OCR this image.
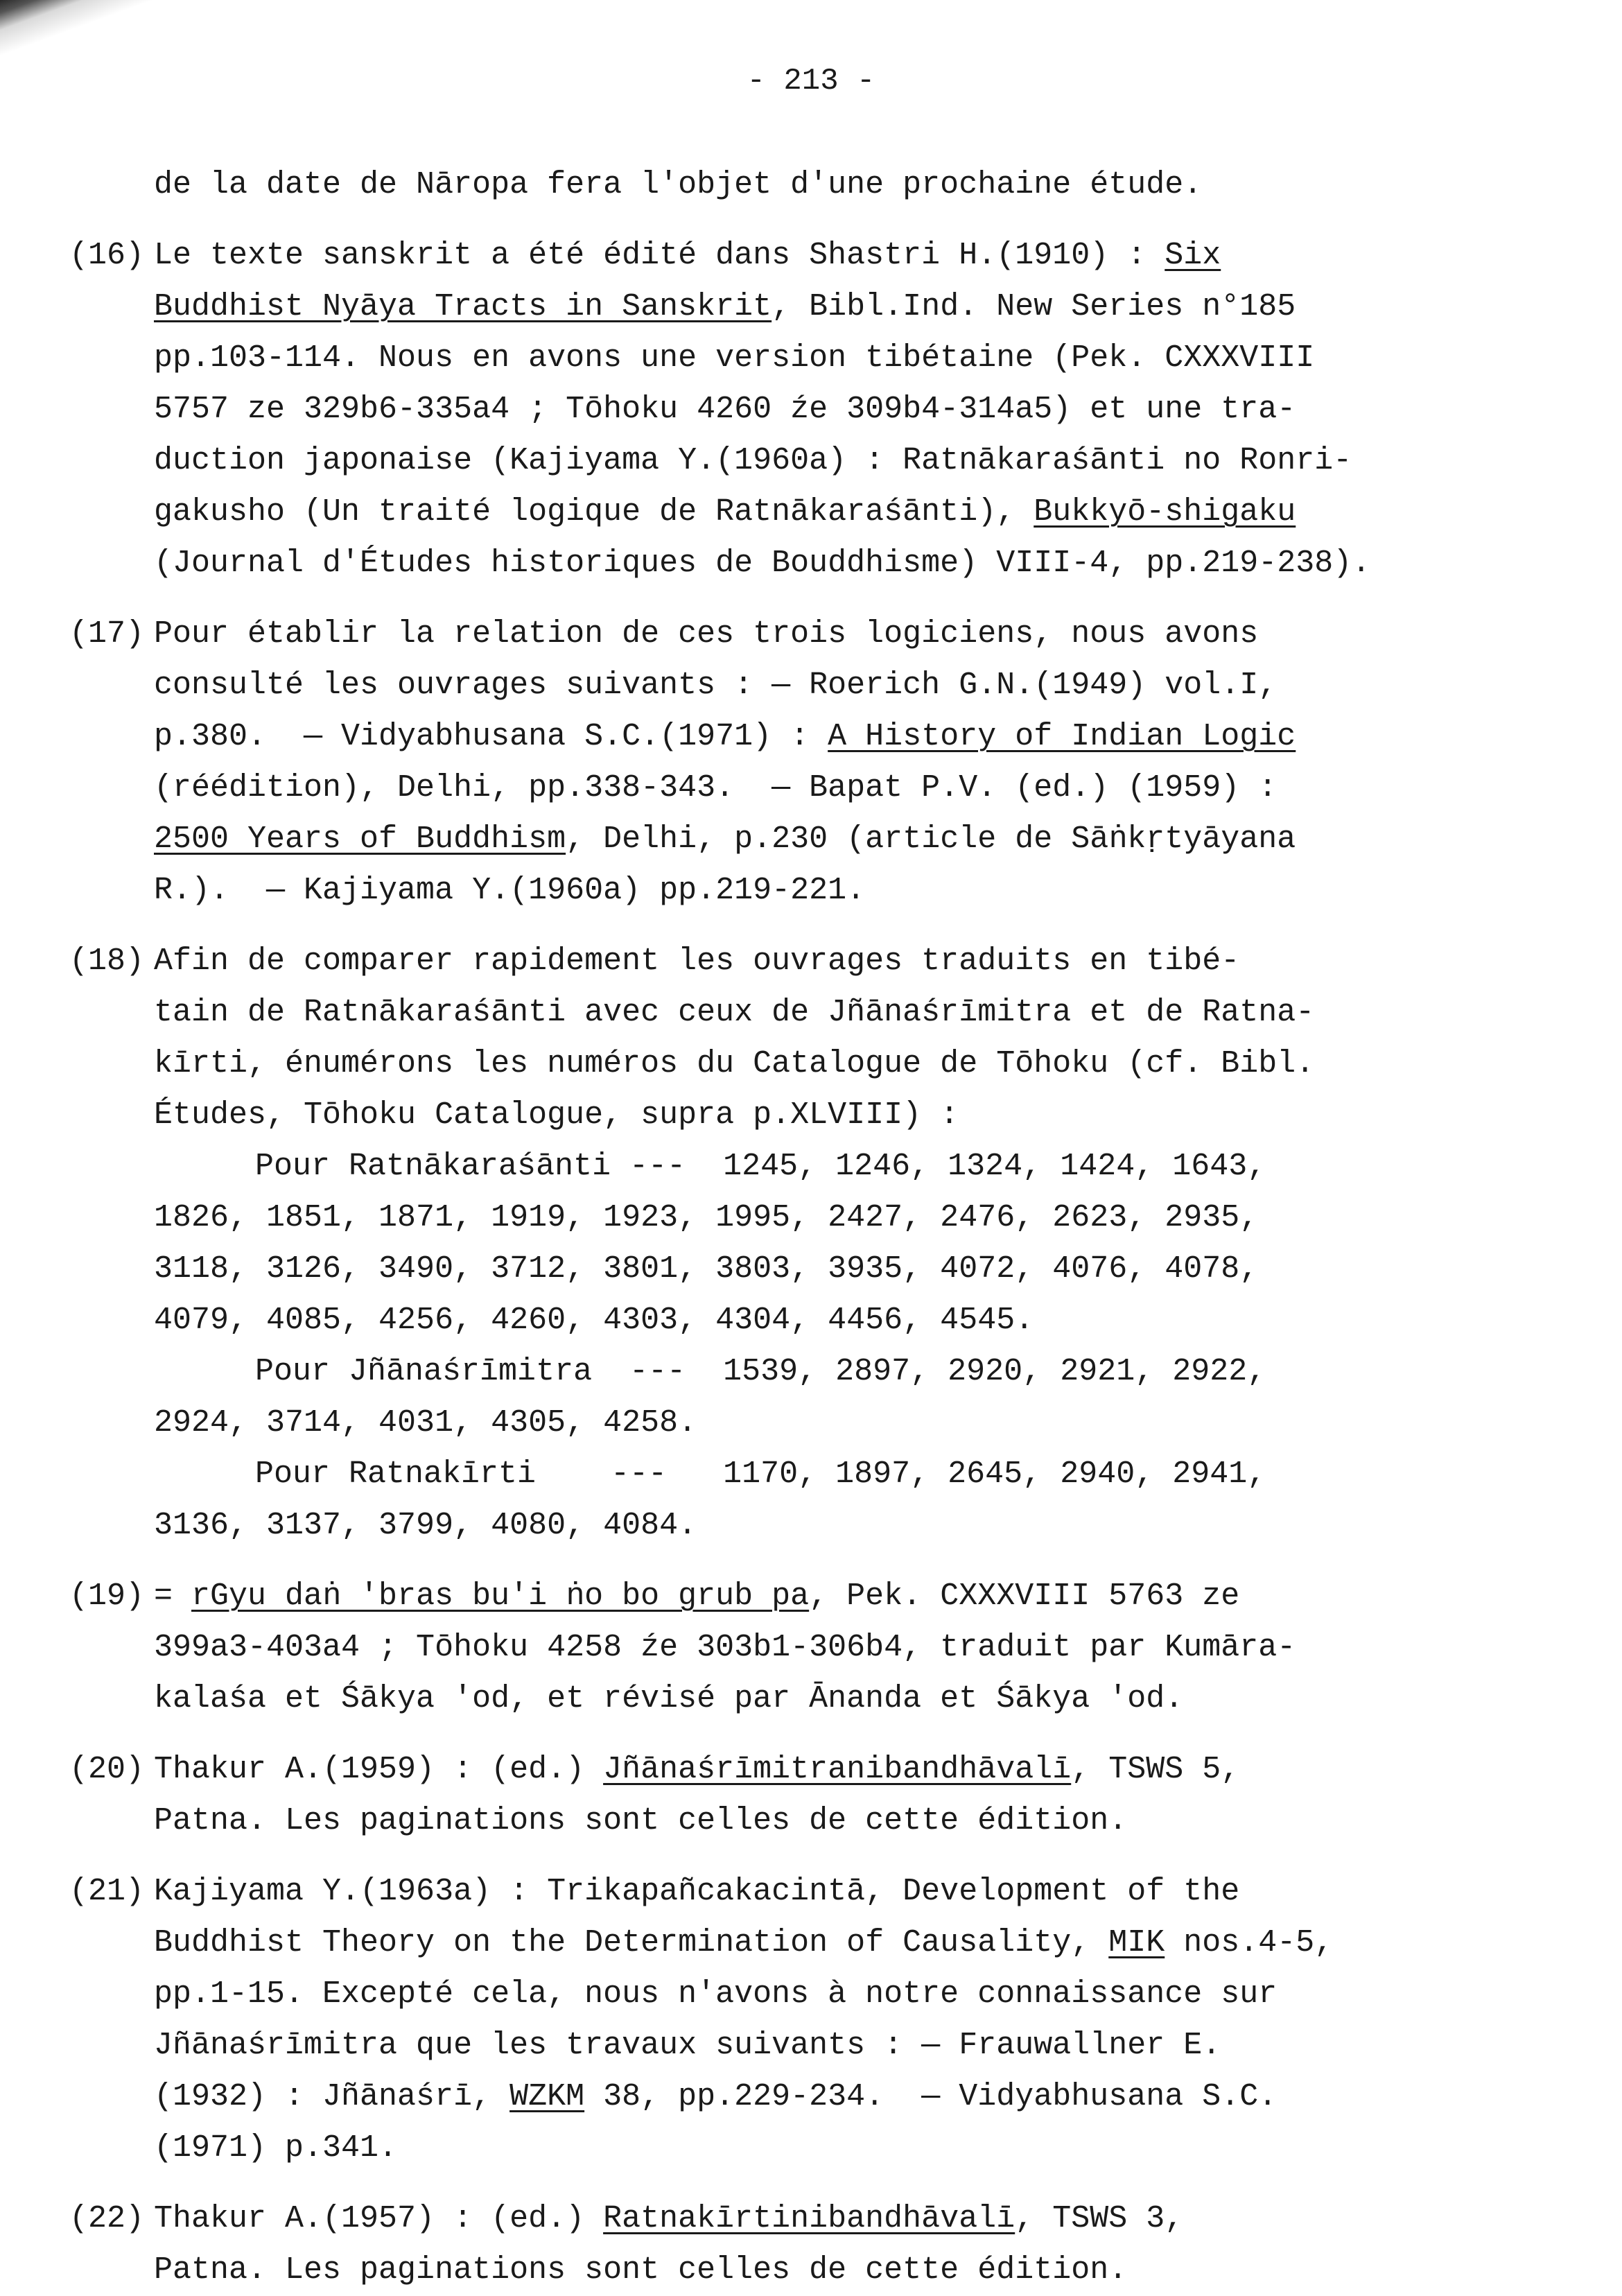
- 213 -
de la date de Nāropa fera l'objet d'une prochaine étude.
(16) Le texte sanskrit a été édité dans Shastri H.(1910) : Six
Buddhist Nyāya Tracts in Sanskrit, Bibl.Ind. New Series n°185
pp.103-114. Nous en avons une version tibétaine (Pek. CXXXVIII
5757 ze 329b6-335a4 ; Tōhoku 4260 źe 309b4-314a5) et une tra-
duction japonaise (Kajiyama Y.(1960a) : Ratnākaraśānti no Ronri-
gakusho (Un traité logique de Ratnākaraśānti), Bukkyō-shigaku
(Journal d'Études historiques de Bouddhisme) VIII-4, pp.219-238).
(17) Pour établir la relation de ces trois logiciens, nous avons
consulté les ouvrages suivants : — Roerich G.N.(1949) vol.I,
p.380.  — Vidyabhusana S.C.(1971) : A History of Indian Logic
(réédition), Delhi, pp.338-343.  — Bapat P.V. (ed.) (1959) :
2500 Years of Buddhism, Delhi, p.230 (article de Sāṅkṛtyāyana
R.).  — Kajiyama Y.(1960a) pp.219-221.
(18) Afin de comparer rapidement les ouvrages traduits en tibé-
tain de Ratnākaraśānti avec ceux de Jñānaśrīmitra et de Ratna-
kīrti, énumérons les numéros du Catalogue de Tōhoku (cf. Bibl.
Études, Tōhoku Catalogue, supra p.XLVIII) :
Pour Ratnākaraśānti ---  1245, 1246, 1324, 1424, 1643,
1826, 1851, 1871, 1919, 1923, 1995, 2427, 2476, 2623, 2935,
3118, 3126, 3490, 3712, 3801, 3803, 3935, 4072, 4076, 4078,
4079, 4085, 4256, 4260, 4303, 4304, 4456, 4545.
Pour Jñānaśrīmitra  ---  1539, 2897, 2920, 2921, 2922,
2924, 3714, 4031, 4305, 4258.
Pour Ratnakīrti    ---   1170, 1897, 2645, 2940, 2941,
3136, 3137, 3799, 4080, 4084.
(19) = rGyu daṅ 'bras bu'i ṅo bo grub pa, Pek. CXXXVIII 5763 ze
399a3-403a4 ; Tōhoku 4258 źe 303b1-306b4, traduit par Kumāra-
kalaśa et Śākya 'od, et révisé par Ānanda et Śākya 'od.
(20) Thakur A.(1959) : (ed.) Jñānaśrīmitranibandhāvalī, TSWS 5,
Patna. Les paginations sont celles de cette édition.
(21) Kajiyama Y.(1963a) : Trikapañcakacintā, Development of the
Buddhist Theory on the Determination of Causality, MIK nos.4-5,
pp.1-15. Excepté cela, nous n'avons à notre connaissance sur
Jñānaśrīmitra que les travaux suivants : — Frauwallner E.
(1932) : Jñānaśrī, WZKM 38, pp.229-234.  — Vidyabhusana S.C.
(1971) p.341.
(22) Thakur A.(1957) : (ed.) Ratnakīrtinibandhāvalī, TSWS 3,
Patna. Les paginations sont celles de cette édition.
